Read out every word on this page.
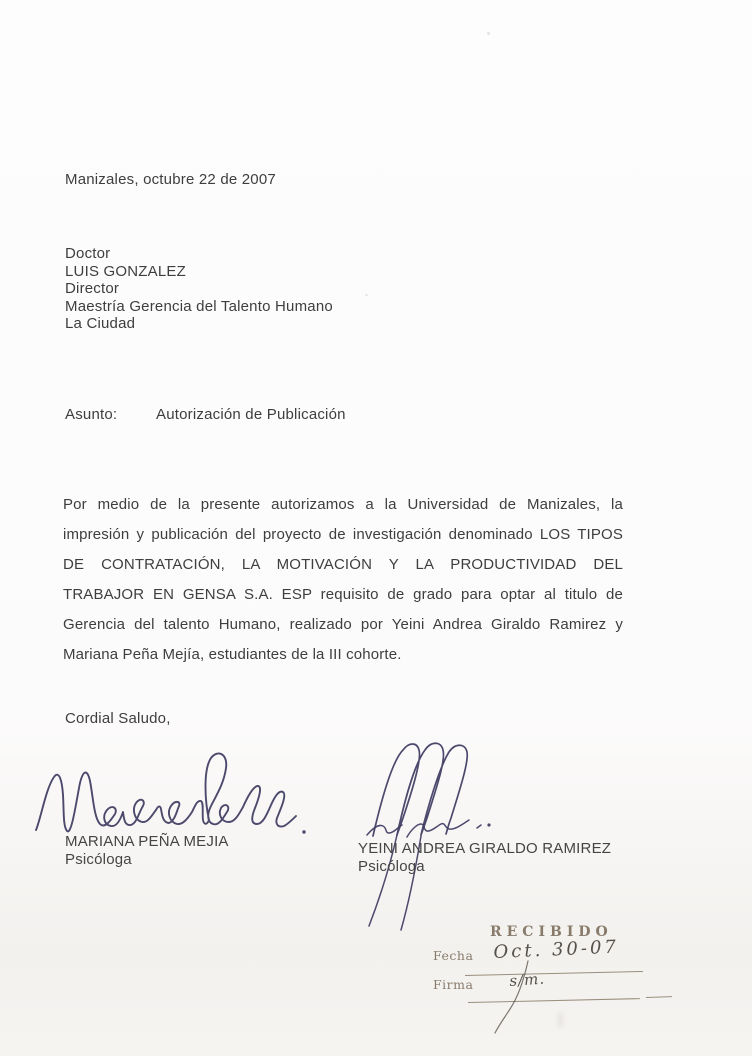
Manizales, octubre 22 de 2007
Doctor
LUIS GONZALEZ
Director
Maestría Gerencia del Talento Humano
La Ciudad
Asunto:	Autorización de Publicación
Por medio de la presente autorizamos a la Universidad de Manizales, la
impresión y publicación del proyecto de investigación denominado LOS TIPOS
DE CONTRATACIÓN, LA MOTIVACIÓN Y LA PRODUCTIVIDAD DEL
TRABAJOR EN GENSA S.A. ESP requisito de grado para optar al titulo de
Gerencia del talento Humano, realizado por Yeini Andrea Giraldo Ramirez y
Mariana Peña Mejía, estudiantes de la III cohorte.
Cordial Saludo,
MARIANA PEÑA MEJIA
Psicóloga
YEINI ANDREA GIRALDO RAMIREZ
Psicóloga
RECIBIDO
Fecha Oct. 30-07
Firma s/m.
